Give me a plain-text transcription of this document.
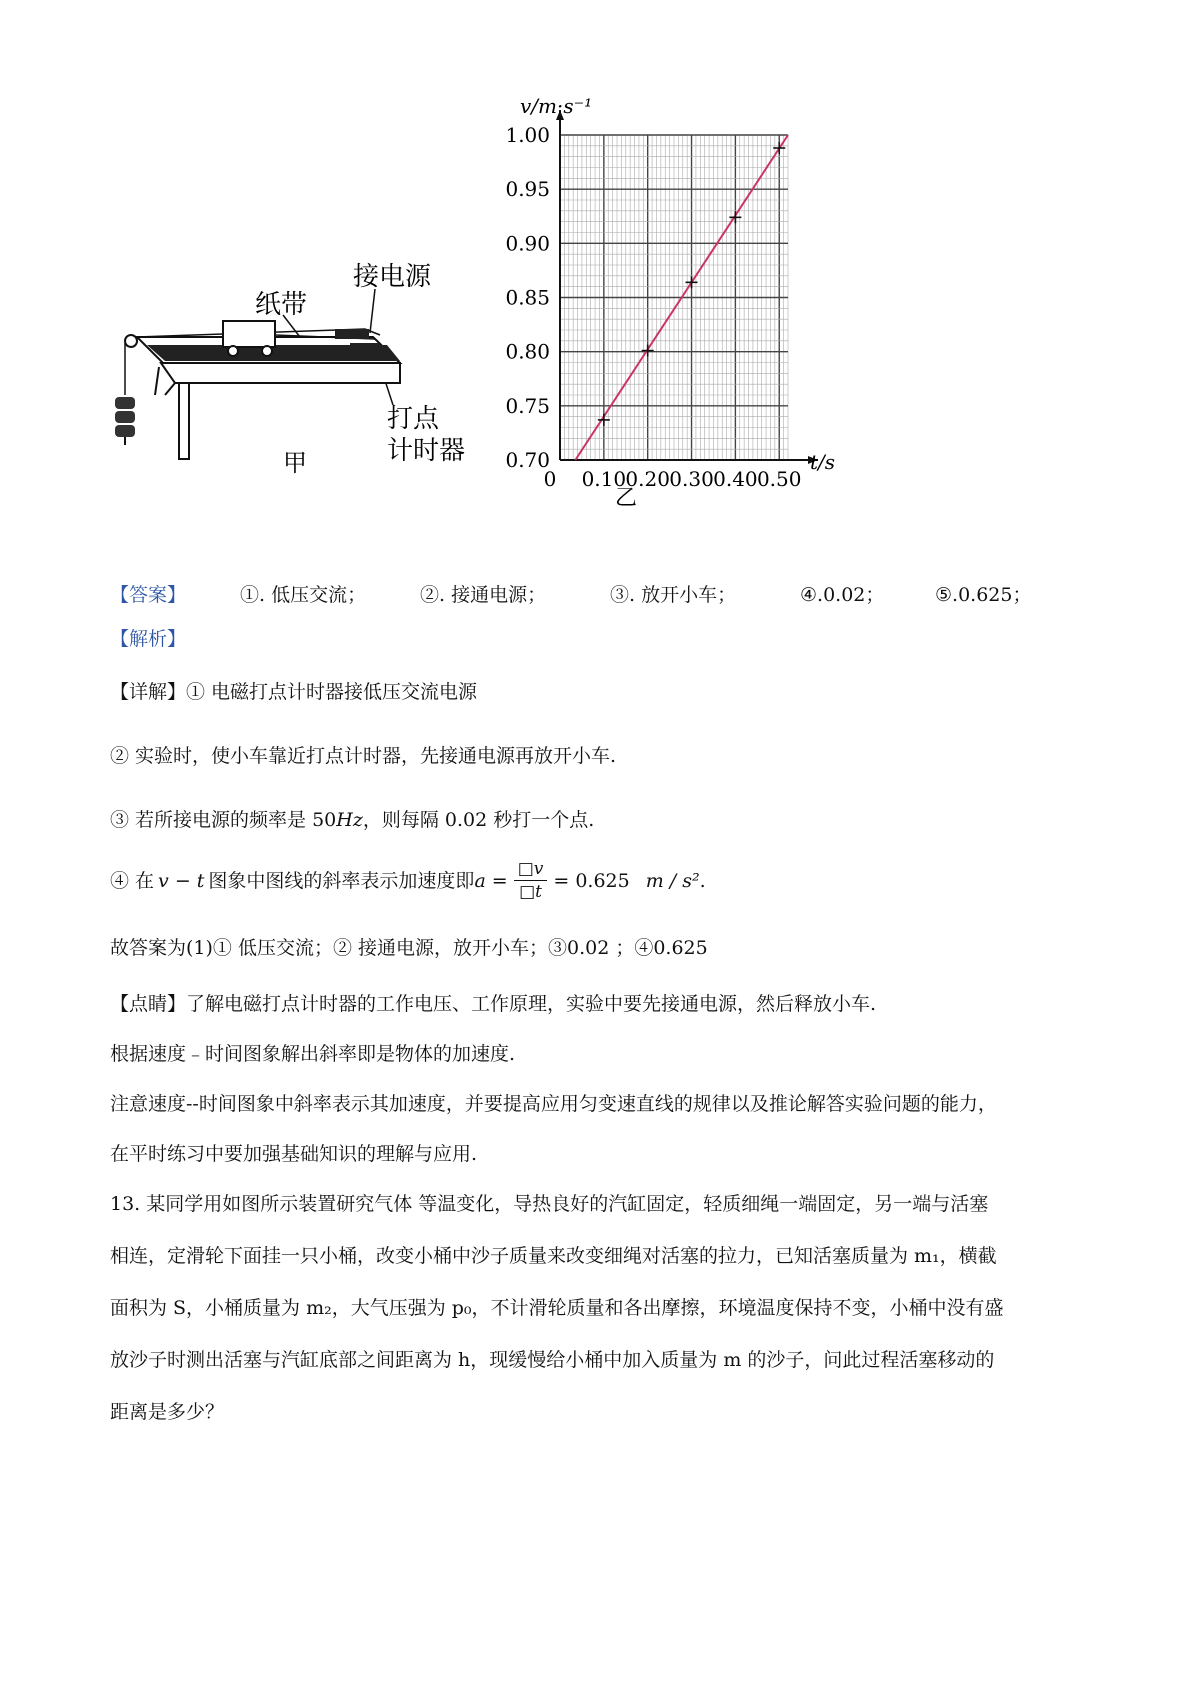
接电源
纸带
打点
计时器
甲	0.70
0.75
0.80
0.85
0.90
0.95
1.00
0 0.10 0.20 0.30 0.40 0.50
v/m·s⁻¹
t/s
乙
【答案】	①. 低压交流；	②. 接通电源；	③. 放开小车；	④.0.02；	⑤.0.625；
【解析】
【详解】① 电磁打点计时器接低压交流电源
② 实验时，使小车靠近打点计时器，先接通电源再放开小车.
③ 若所接电源的频率是 50Hz，则每隔 0.02 秒打一个点.
④ 在 v − t 图象中图线的斜率表示加速度即 $a = \frac{□v}{□t} = 0.625$ m / s² .
故答案为(1)① 低压交流；② 接通电源，放开小车；③0.02 ；④0.625
【点睛】了解电磁打点计时器的工作电压、工作原理，实验中要先接通电源，然后释放小车.
根据速度﹣时间图象解出斜率即是物体的加速度.
注意速度--时间图象中斜率表示其加速度，并要提高应用匀变速直线的规律以及推论解答实验问题的能力，
在平时练习中要加强基础知识的理解与应用.
13. 某同学用如图所示装置研究气体 等温变化，导热良好的汽缸固定，轻质细绳一端固定，另一端与活塞
相连，定滑轮下面挂一只小桶，改变小桶中沙子质量来改变细绳对活塞的拉力，已知活塞质量为 m₁，横截
面积为 S，小桶质量为 m₂，大气压强为 p₀，不计滑轮质量和各出摩擦，环境温度保持不变，小桶中没有盛
放沙子时测出活塞与汽缸底部之间距离为 h，现缓慢给小桶中加入质量为 m 的沙子，问此过程活塞移动的
距离是多少？
